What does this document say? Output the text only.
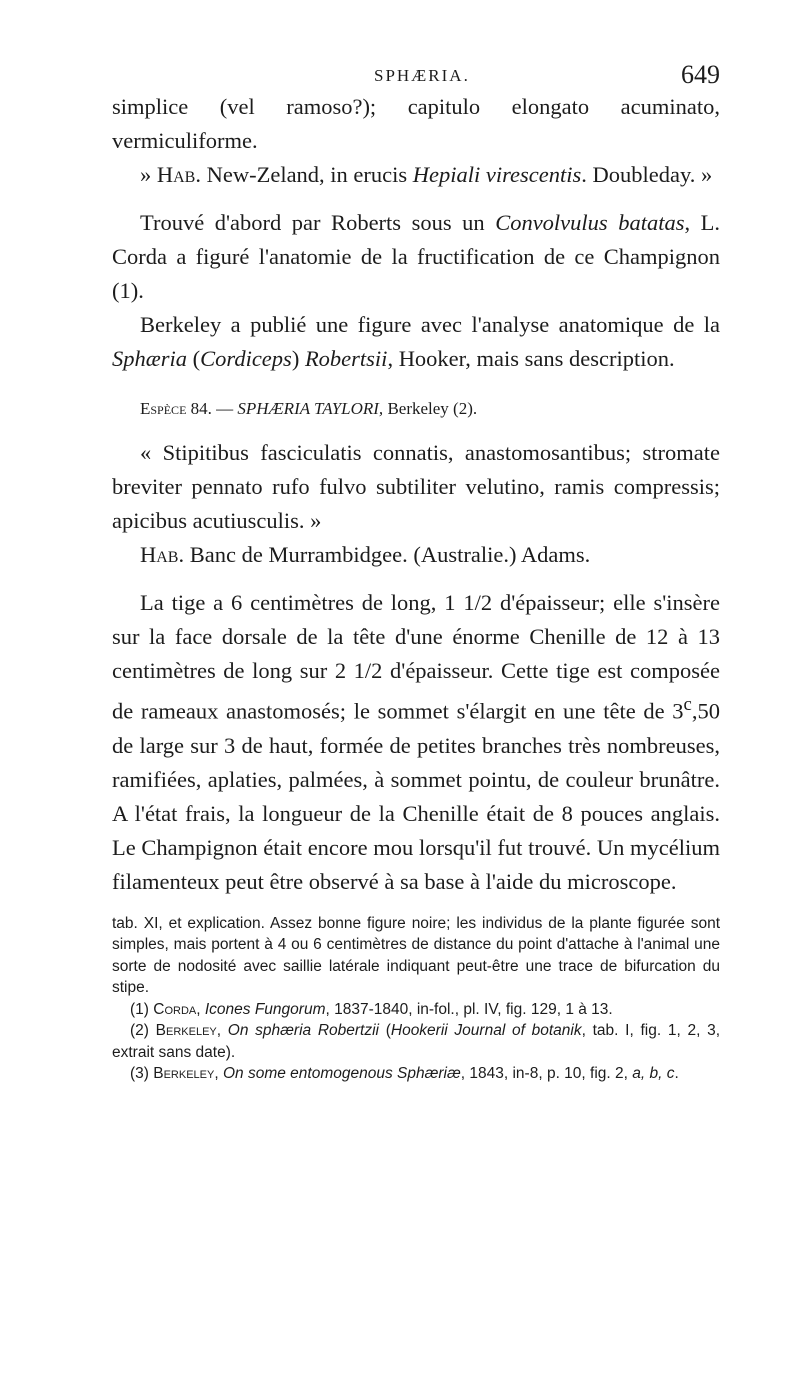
SPHÆRIA.	649

simplice (vel ramoso?); capitulo elongato acuminato, vermiculiforme.

» Hab. New-Zeland, in erucis Hepiali virescentis. Doubleday. »

Trouvé d'abord par Roberts sous un Convolvulus batatas, L. Corda a figuré l'anatomie de la fructification de ce Champignon (1).

Berkeley a publié une figure avec l'analyse anatomique de la Sphæria (Cordiceps) Robertsii, Hooker, mais sans description.

Espèce 84. — SPHÆRIA TAYLORI, Berkeley (2).

« Stipitibus fasciculatis connatis, anastomosantibus; stromate breviter pennato rufo fulvo subtiliter velutino, ramis compressis; apicibus acutiusculis. »

Hab. Banc de Murrambidgee. (Australie.) Adams.

La tige a 6 centimètres de long, 1 1/2 d'épaisseur; elle s'insère sur la face dorsale de la tête d'une énorme Chenille de 12 à 13 centimètres de long sur 2 1/2 d'épaisseur. Cette tige est composée de rameaux anastomosés; le sommet s'élargit en une tête de 3$^c$,50 de large sur 3 de haut, formée de petites branches très nombreuses, ramifiées, aplaties, palmées, à sommet pointu, de couleur brunâtre. A l'état frais, la longueur de la Chenille était de 8 pouces anglais. Le Champignon était encore mou lorsqu'il fut trouvé. Un mycélium filamenteux peut être observé à sa base à l'aide du microscope.

tab. XI, et explication. Assez bonne figure noire; les individus de la plante figurée sont simples, mais portent à 4 ou 6 centimètres de distance du point d'attache à l'animal une sorte de nodosité avec saillie latérale indiquant peut-être une trace de bifurcation du stipe.

(1) Corda, Icones Fungorum, 1837-1840, in-fol., pl. IV, fig. 129, 1 à 13.

(2) Berkeley, On sphæria Robertzii (Hookerii Journal of botanik, tab. I, fig. 1, 2, 3, extrait sans date).

(3) Berkeley, On some entomogenous Sphæriæ, 1843, in-8, p. 10, fig. 2, a, b, c.
